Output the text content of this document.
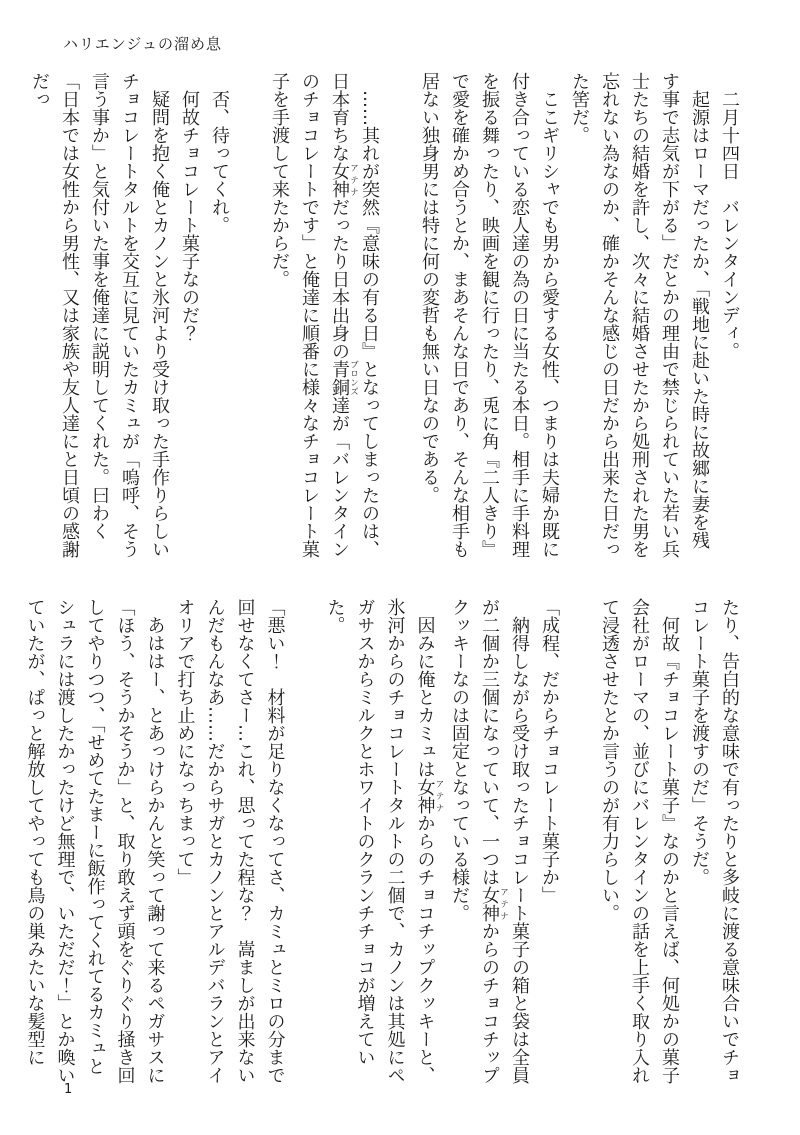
ハリエンジュの溜め息

　二月十四日　バレンタインディ。

　起源はローマだったか、「戦地に赴いた時に故郷に妻を残す事で志気が下がる」だとかの理由で禁じられていた若い兵士たちの結婚を許し、次々に結婚させたから処刑された男を忘れない為なのか、確かそんな感じの日だから出来た日だった筈だ。

　ここギリシャでも男から愛する女性、つまりは夫婦か既に付き合っている恋人達の為の日に当たる本日。相手に手料理を振る舞ったり、映画を観に行ったり、兎に角『二人きり』で愛を確かめ合うとか、まあそんな日であり、そんな相手も居ない独身男には特に何の変哲も無い日なのである。

　……其れが突然『意味の有る日』となってしまったのは、日本育ちな女神アテナだったり日本出身の青銅ブロンズ達が「バレンタインのチョコレートです」と俺達に順番に様々なチョコレート菓子を手渡して来たからだ。

　否、待ってくれ。

　何故チョコレート菓子なのだ？

　疑問を抱く俺とカノンと氷河より受け取った手作りらしいチョコレートタルトを交互に見ていたカミュが「嗚呼、そう言う事か」と気付いた事を俺達に説明してくれた。曰わく「日本では女性から男性、又は家族や友人達にと日頃の感謝だっ

たり、告白的な意味で有ったりと多岐に渡る意味合いでチョコレート菓子を渡すのだ」そうだ。

　何故『チョコレート菓子』なのかと言えば、何処かの菓子会社がローマの、並びにバレンタインの話を上手く取り入れて浸透させたとか言うのが有力らしい。

「成程、だからチョコレート菓子か」

　納得しながら受け取ったチョコレート菓子の箱と袋は全員が二個か三個になっていて、一つは女神アテナからのチョコチップクッキーなのは固定となっている様だ。

　因みに俺とカミュは女神アテナからのチョコチップクッキーと、氷河からのチョコレートタルトの二個で、カノンは其処にペガサスからミルクとホワイトのクランチチョコが増えていた。

「悪い！　材料が足りなくなってさ、カミュとミロの分まで回せなくてさー…これ、思ってた程な？　嵩ましが出来ないんだもんなあ……だからサガとカノンとアルデバランとアイオリアで打ち止めになっちまって」

　あははー、とあっけらかんと笑って謝って来るペガサスに「ほう、そうかそうか」と、取り敢えず頭をぐりぐり掻き回してやりつつ、「せめてたまーに飯作ってくれてるカミュとシュラには渡したかったけど無理で、いただだ！」とか喚いていたが、ぱっと解放してやっても鳥の巣みたいな髪型に

1
